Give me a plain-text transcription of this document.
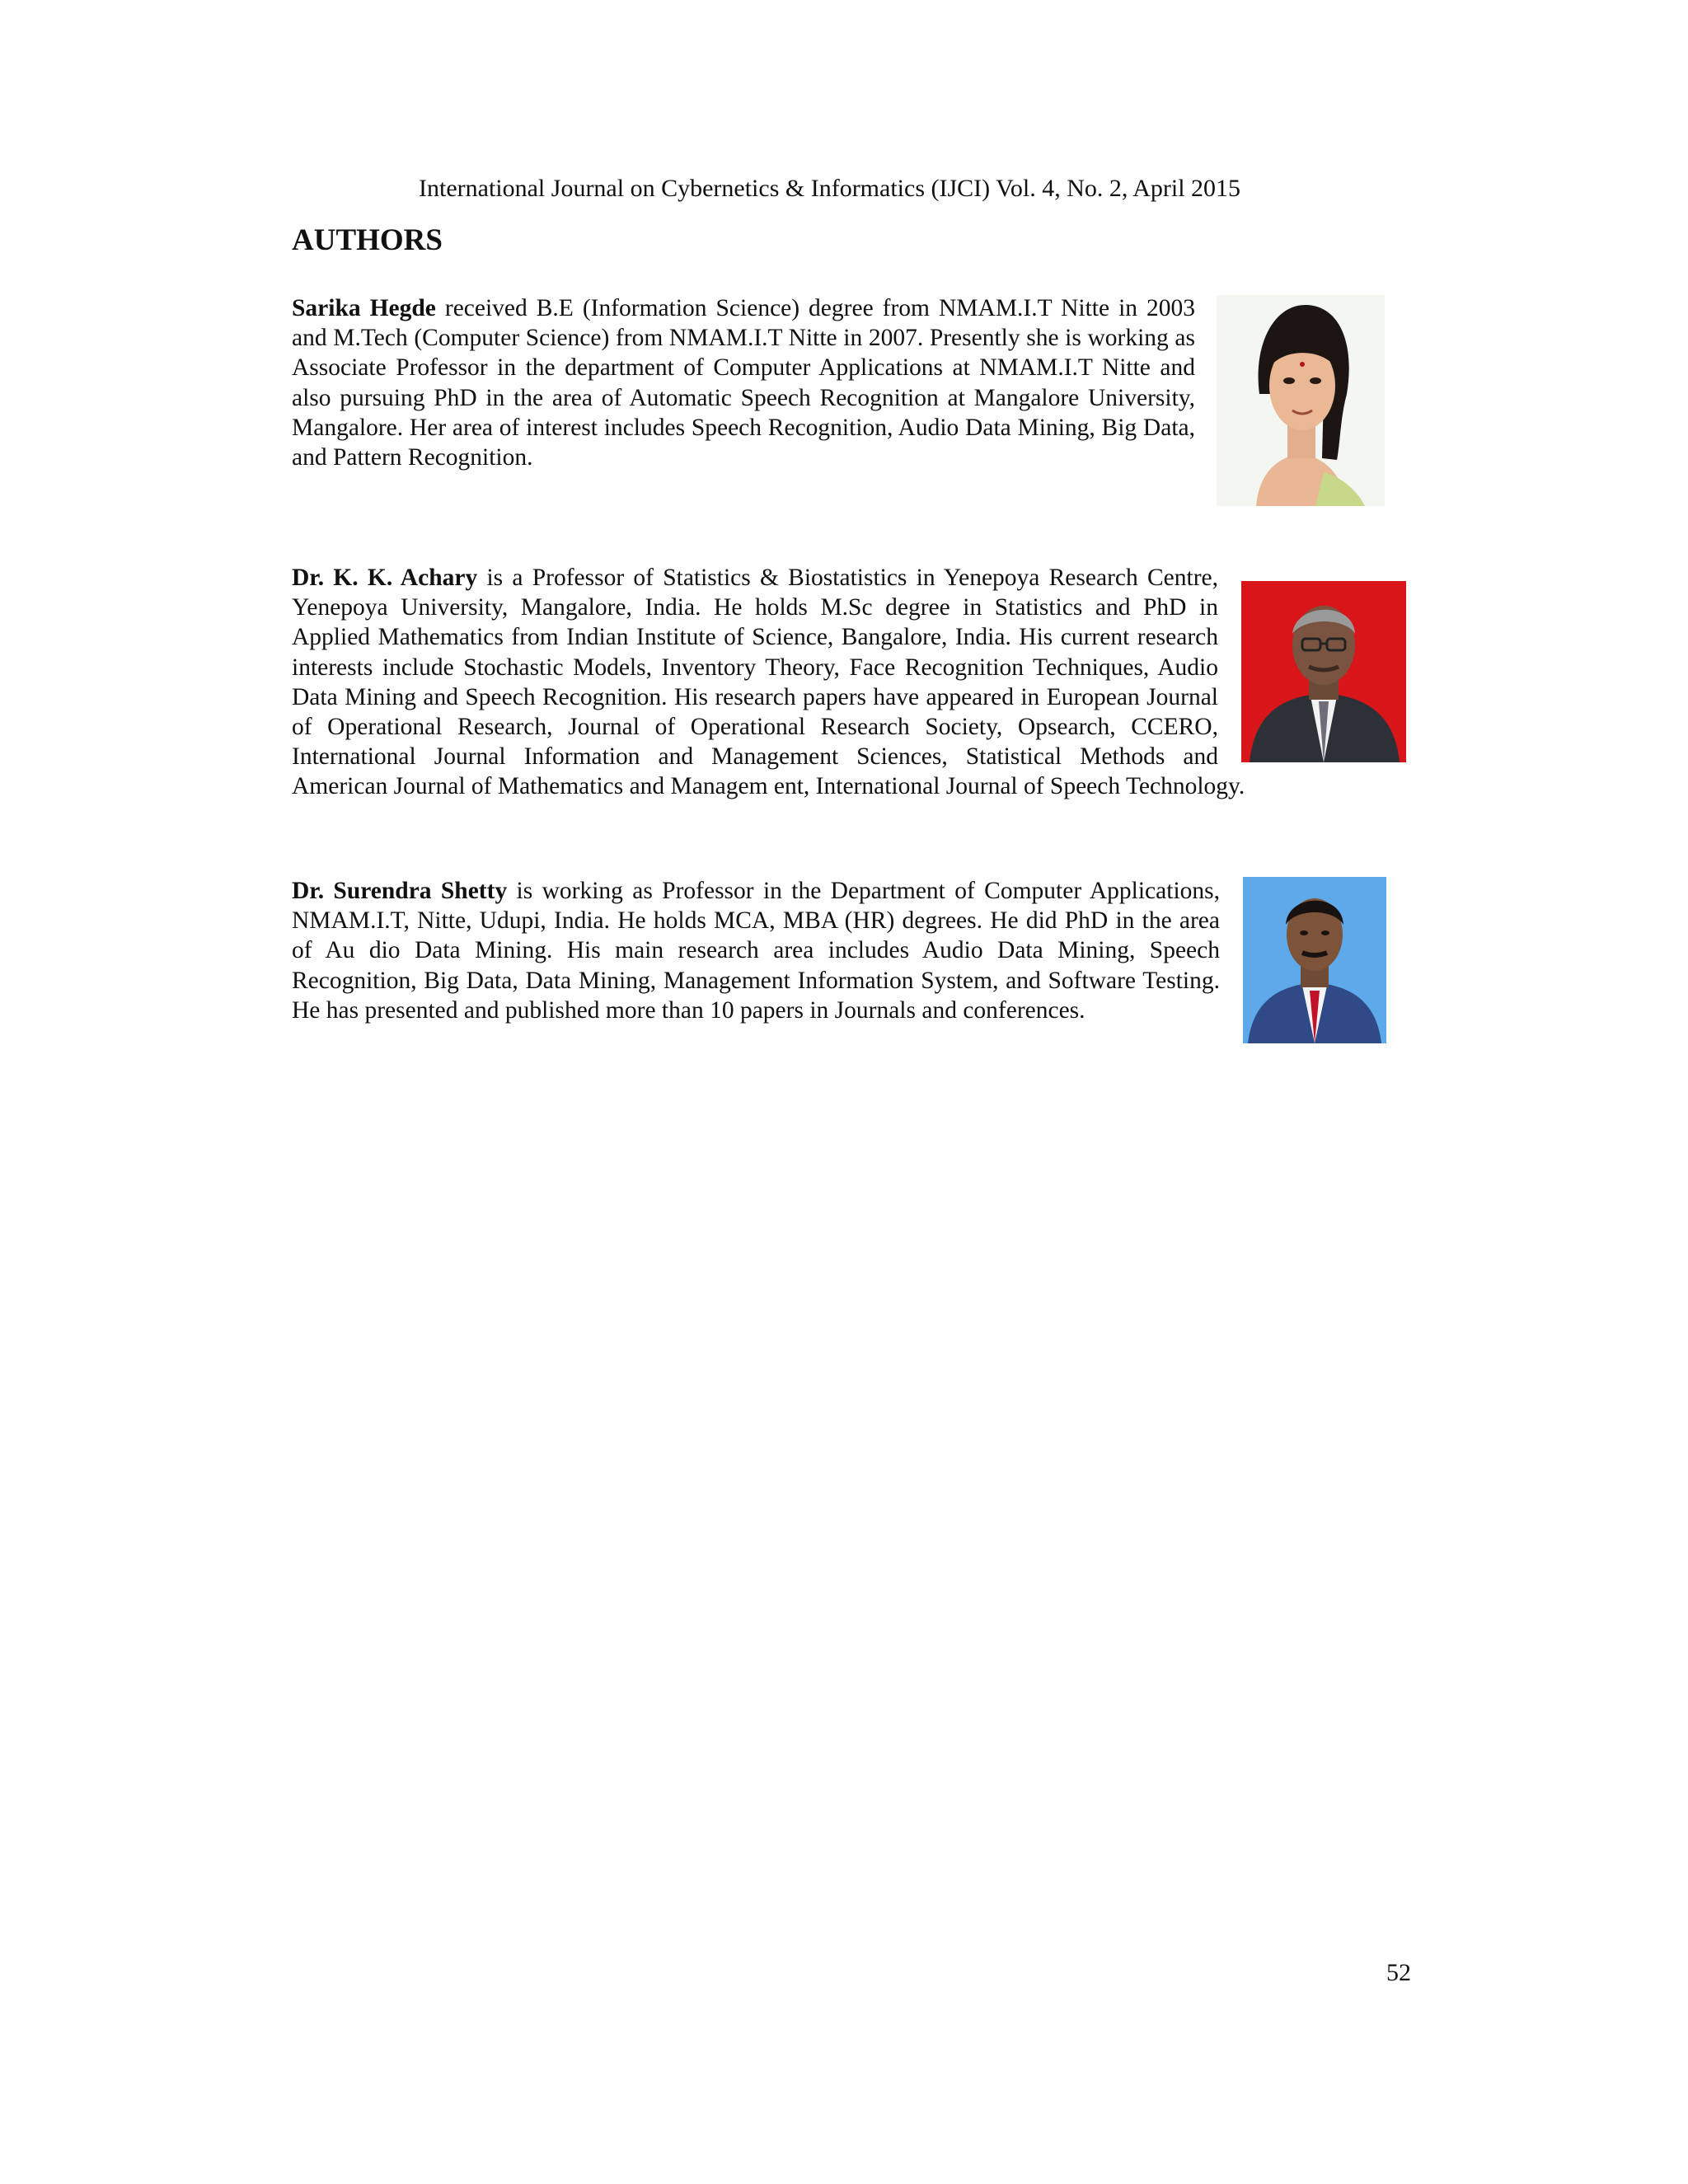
International Journal on Cybernetics & Informatics (IJCI) Vol. 4, No. 2, April 2015
AUTHORS

Sarika Hegde received B.E (Information Science) degree from NMAM.I.T Nitte in 2003 and M.Tech (Computer Science) from NMAM.I.T Nitte in 2007. Presently she is working as Associate Professor in the department of Computer Applications at NMAM.I.T Nitte and also pursuing PhD in the area of Automatic Speech Recognition at Mangalore University, Mangalore. Her area of interest includes Speech Recognition, Audio Data Mining, Big Data, and Pattern Recognition.

Dr. K. K. Achary is a Professor of Statistics & Biostatistics in Yenepoya Research Centre, Yenepoya University, Mangalore, India. He holds M.Sc degree in Statistics and PhD in Applied Mathematics from Indian Institute of Science, Bangalore, India. His current research interests include Stochastic Models, Inventory Theory, Face Recognition Techniques, Audio Data Mining and Speech Recognition. His research papers have appeared in European Journal of Operational Research, Journal of Operational Research Society, Opsearch, CCERO, International Journal Information and Management Sciences, Statistical Methods and American Journal of Mathematics and Managem ent, International Journal of Speech Technology.

Dr. Surendra Shetty is working as Professor in the Department of Computer Applications, NMAM.I.T, Nitte, Udupi, India. He holds MCA, MBA (HR) degrees. He did PhD in the area of Au dio Data Mining. His main research area includes Audio Data Mining, Speech Recognition, Big Data, Data Mining, Management Information System, and Software Testing. He has presented and published more than 10 papers in Journals and conferences.

52
